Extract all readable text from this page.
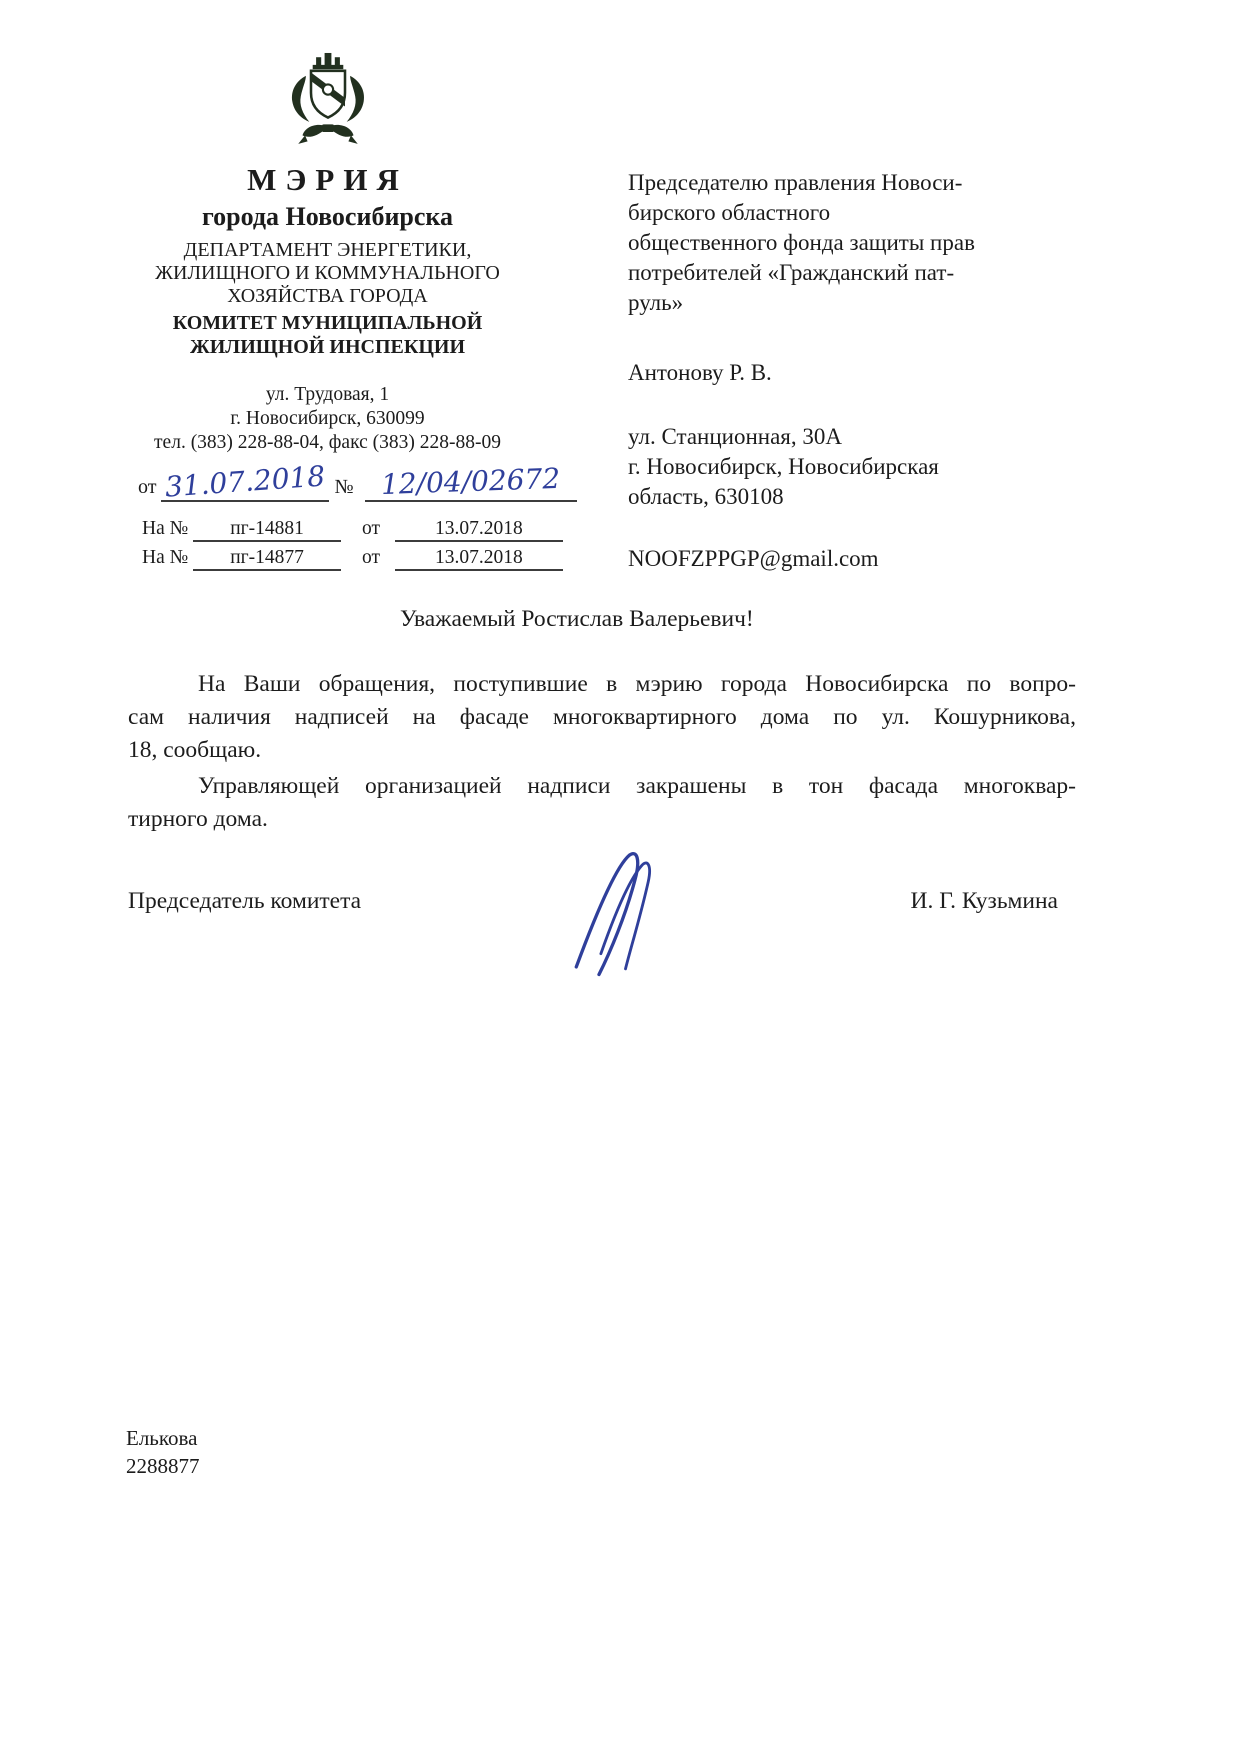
МЭРИЯ
города Новосибирска
ДЕПАРТАМЕНТ ЭНЕРГЕТИКИ,
ЖИЛИЩНОГО И КОММУНАЛЬНОГО
ХОЗЯЙСТВА ГОРОДА
КОМИТЕТ МУНИЦИПАЛЬНОЙ
ЖИЛИЩНОЙ ИНСПЕКЦИИ
ул. Трудовая, 1
г. Новосибирск, 630099
тел. (383) 228-88-04, факс (383) 228-88-09
от 31.07.2018 № 12/04/02672
На № пг-14881	от	13.07.2018
На № пг-14877	от	13.07.2018
Председателю правления Новоси-
бирского областного
общественного фонда защиты прав
потребителей «Гражданский пат-
руль»
Антонову Р. В.
ул. Станционная, 30А
г. Новосибирск, Новосибирская
область, 630108
NOOFZPPGP@gmail.com
Уважаемый Ростислав Валерьевич!
На Ваши обращения, поступившие в мэрию города Новосибирска по вопро-
сам наличия надписей на фасаде многоквартирного дома по ул. Кошурникова,
18, сообщаю.
Управляющей организацией надписи закрашены в тон фасада многоквар-
тирного дома.
Председатель комитета	И. Г. Кузьмина
Елькова
2288877
